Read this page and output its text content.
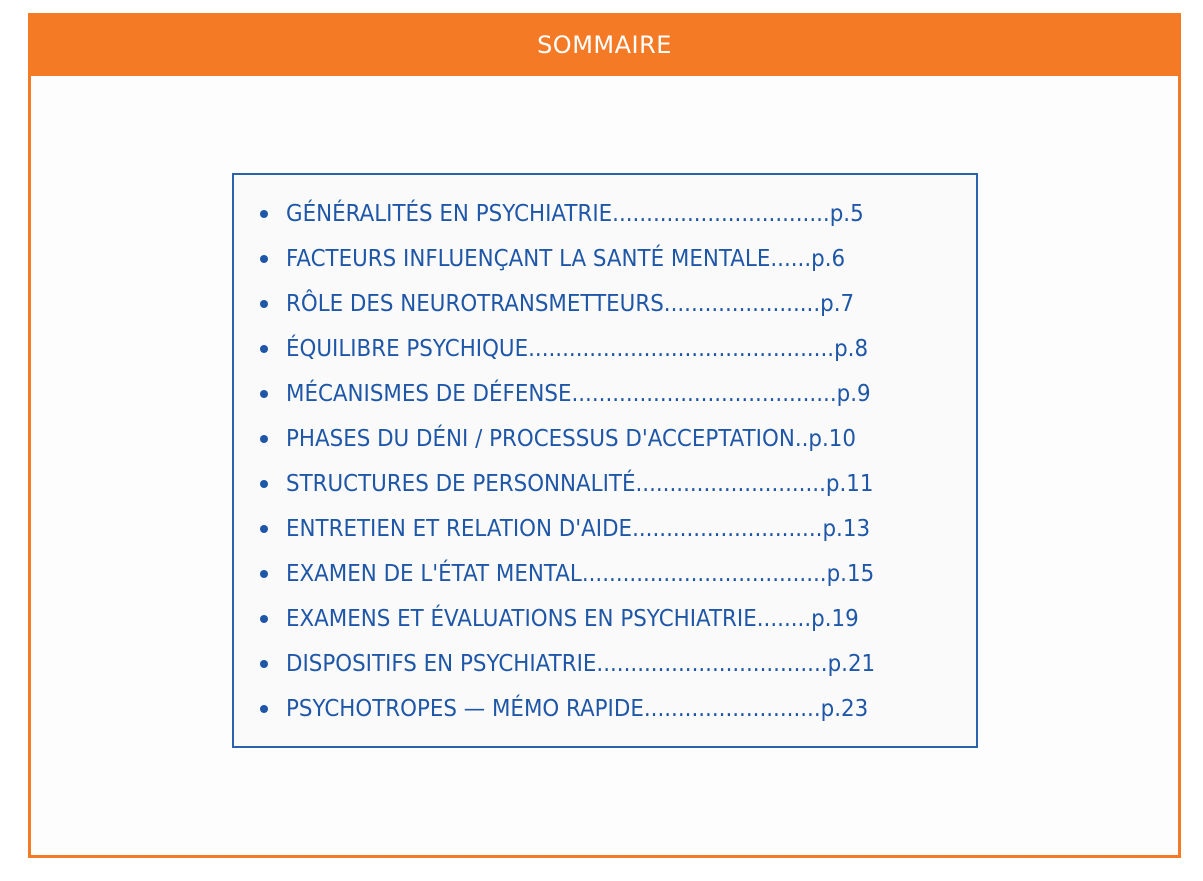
SOMMAIRE
GÉNÉRALITÉS EN PSYCHIATRIE................................p.5
FACTEURS INFLUENÇANT LA SANTÉ MENTALE......p.6
RÔLE DES NEUROTRANSMETTEURS.......................p.7
ÉQUILIBRE PSYCHIQUE.............................................p.8
MÉCANISMES DE DÉFENSE.......................................p.9
PHASES DU DÉNI / PROCESSUS D'ACCEPTATION..p.10
STRUCTURES DE PERSONNALITÉ............................p.11
ENTRETIEN ET RELATION D'AIDE............................p.13
EXAMEN DE L'ÉTAT MENTAL....................................p.15
EXAMENS ET ÉVALUATIONS EN PSYCHIATRIE........p.19
DISPOSITIFS EN PSYCHIATRIE..................................p.21
PSYCHOTROPES — MÉMO RAPIDE..........................p.23
